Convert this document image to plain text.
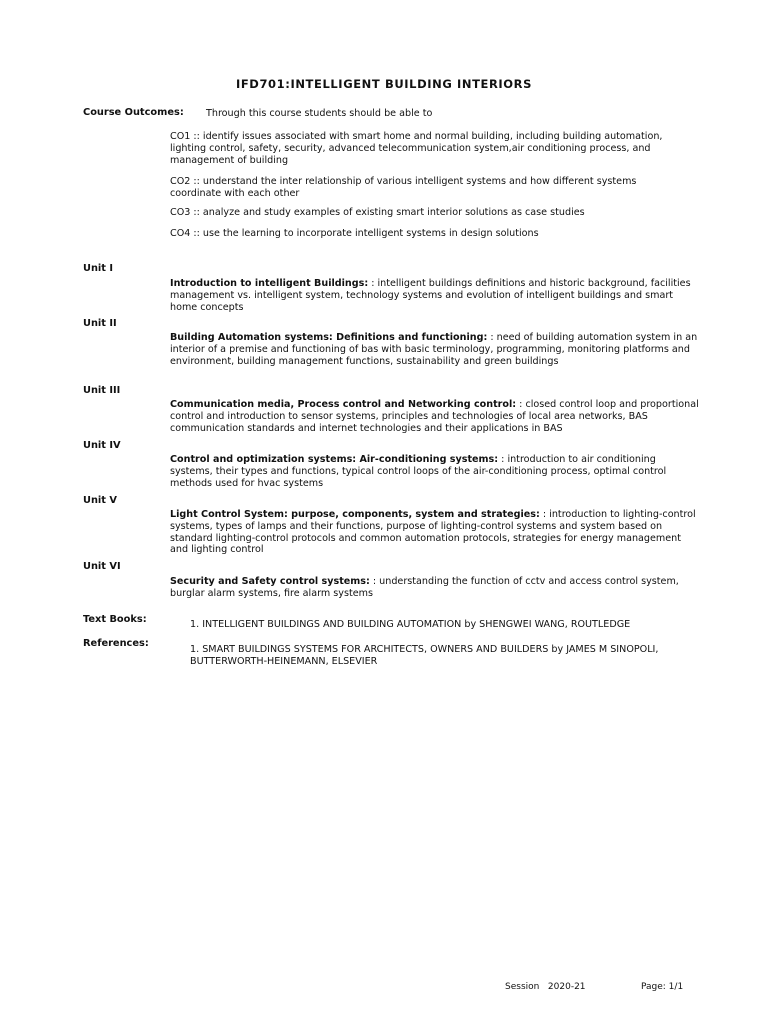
IFD701:INTELLIGENT BUILDING INTERIORS
Course Outcomes: Through this course students should be able to
CO1 :: identify issues associated with smart home and normal building, including building automation, lighting control, safety, security, advanced telecommunication system,air conditioning process, and management of building
CO2 :: understand the inter relationship of various intelligent systems and how different systems coordinate with each other
CO3 :: analyze and study examples of existing smart interior solutions as case studies
CO4 :: use the learning to incorporate intelligent systems in design solutions
Unit I
Introduction to intelligent Buildings: : intelligent buildings definitions and historic background, facilities management vs. intelligent system, technology systems and evolution of intelligent buildings and smart home concepts
Unit II
Building Automation systems: Definitions and functioning: : need of building automation system in an interior of a premise and functioning of bas with basic terminology, programming, monitoring platforms and environment, building management functions, sustainability and green buildings
Unit III
Communication media, Process control and Networking control: : closed control loop and proportional control and introduction to sensor systems, principles and technologies of local area networks, BAS communication standards and internet technologies and their applications in BAS
Unit IV
Control and optimization systems: Air-conditioning systems: : introduction to air conditioning systems, their types and functions, typical control loops of the air-conditioning process, optimal control methods used for hvac systems
Unit V
Light Control System: purpose, components, system and strategies: : introduction to lighting-control systems, types of lamps and their functions, purpose of lighting-control systems and system based on standard lighting-control protocols and common automation protocols, strategies for energy management and lighting control
Unit VI
Security and Safety control systems: : understanding the function of cctv and access control system, burglar alarm systems, fire alarm systems
Text Books:	1. INTELLIGENT BUILDINGS AND BUILDING AUTOMATION by SHENGWEI WANG, ROUTLEDGE
References:
1. SMART BUILDINGS SYSTEMS FOR ARCHITECTS, OWNERS AND BUILDERS by JAMES M SINOPOLI, BUTTERWORTH-HEINEMANN, ELSEVIER
Session   2020-21	Page: 1/1
